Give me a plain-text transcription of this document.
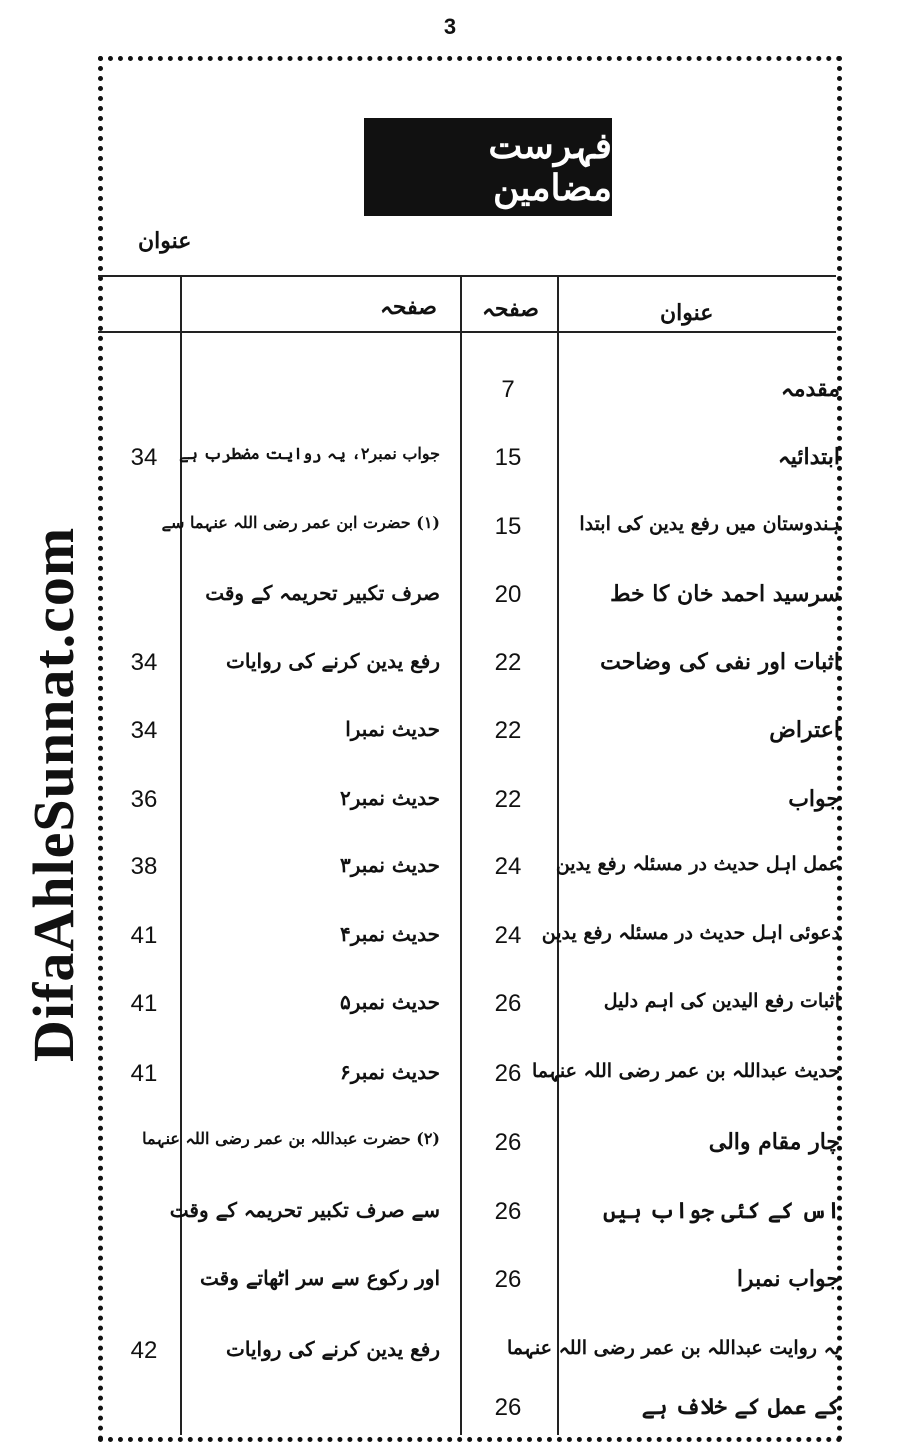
3
فہرست مضامین
عنوان
عنوان
صفحہ
صفحہ
DifaAhleSunnat.com
مقدمہ
7
ابتدائیہ
15
ہندوستان میں رفع یدین کی ابتدا
15
سرسید احمد خان کا خط
20
اثبات اور نفی کی وضاحت
22
اعتراض
22
جواب
22
عمل اہل حدیث در مسئلہ رفع یدین
24
دعوئی اہل حدیث در مسئلہ رفع یدین
24
اثبات رفع الیدین کی اہم دلیل
26
حدیث عبداللہ بن عمر رضی اللہ عنہما
26
چار مقام والی
26
اس کے کئی جواب ہیں
26
جواب نمبرا
26
یہ روایت عبداللہ بن عمر رضی اللہ عنہما
کے عمل کے خلاف ہے
26
جواب نمبر۲، یہ روایت مضطرب ہے
34
(۱) حضرت ابن عمر رضی اللہ عنہما سے
صرف تکبیر تحریمہ کے وقت
رفع یدین کرنے کی روایات
34
حدیث نمبرا
34
حدیث نمبر۲
36
حدیث نمبر۳
38
حدیث نمبر۴
41
حدیث نمبر۵
41
حدیث نمبر۶
41
(۲) حضرت عبداللہ بن عمر رضی اللہ عنہما
سے صرف تکبیر تحریمہ کے وقت
اور رکوع سے سر اٹھاتے وقت
رفع یدین کرنے کی روایات
42
